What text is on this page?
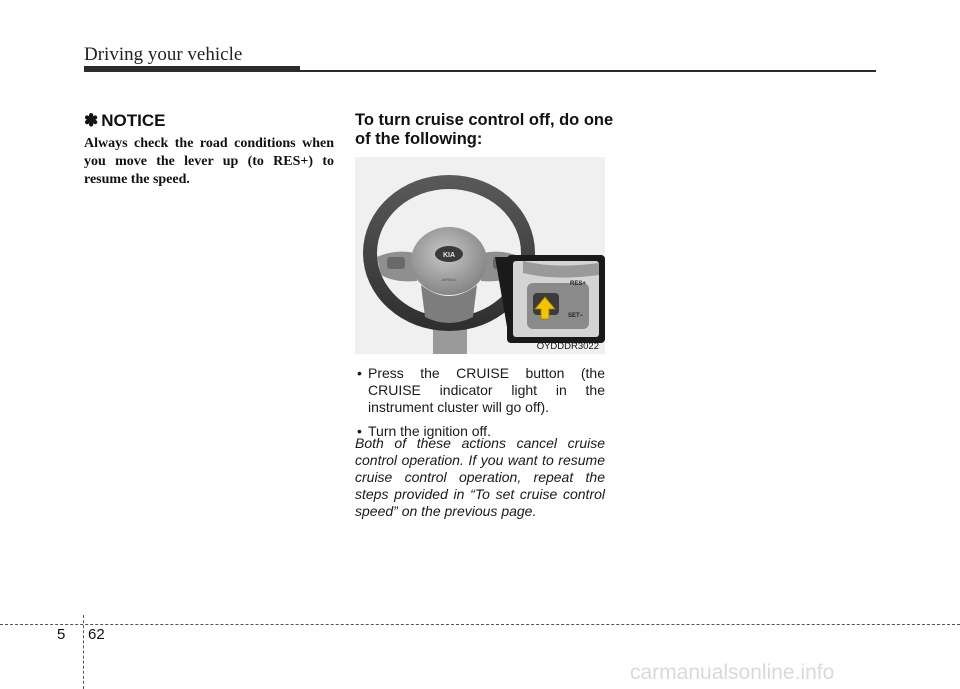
Driving your vehicle
✽ NOTICE
Always check the road conditions when you move the lever up (to RES+) to resume the speed.
To turn cruise control off, do one of the following:
KIA
AIRBAG
RES+
SET−
OYDDDR3022
• Press the CRUISE button (the CRUISE indicator light in the instrument cluster will go off).
• Turn the ignition off.
Both of these actions cancel cruise control operation. If you want to resume cruise control operation, repeat the steps provided in “To set cruise control speed” on the previous page.
5 62
carmanualsonline.info
